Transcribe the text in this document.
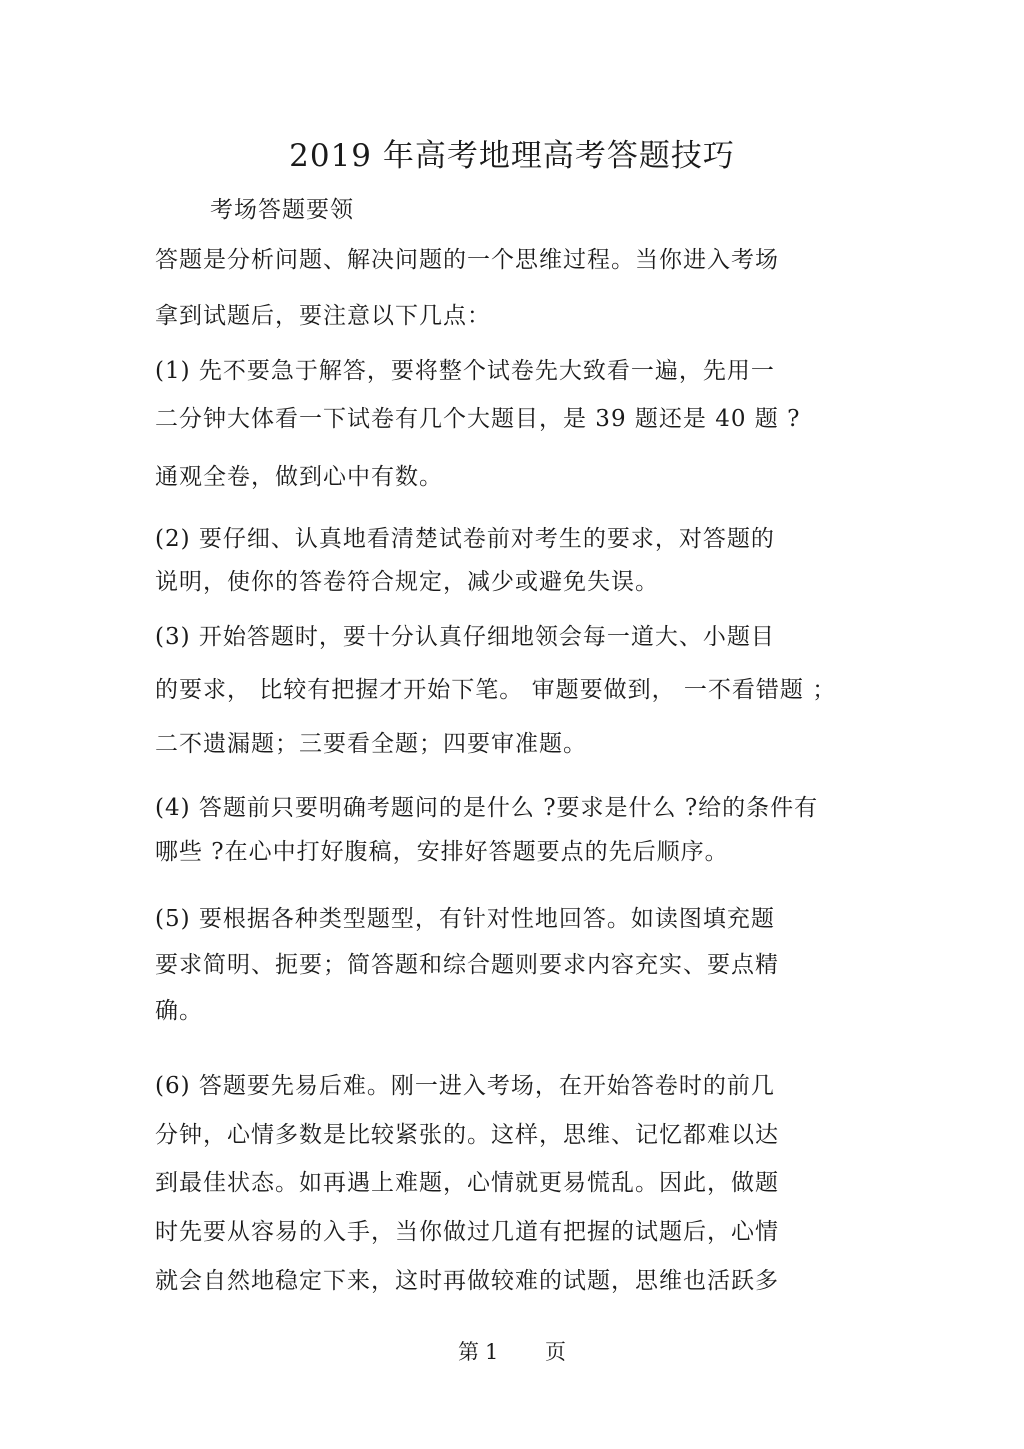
2019 年高考地理高考答题技巧
考场答题要领
答题是分析问题、解决问题的一个思维过程。当你进入考场
拿到试题后，要注意以下几点：
(1) 先不要急于解答，要将整个试卷先大致看一遍，先用一
二分钟大体看一下试卷有几个大题目，是 39 题还是 40 题 ?
通观全卷，做到心中有数。
(2) 要仔细、认真地看清楚试卷前对考生的要求，对答题的
说明，使你的答卷符合规定，减少或避免失误。
(3) 开始答题时，要十分认真仔细地领会每一道大、小题目
的要求， 比较有把握才开始下笔。 审题要做到， 一不看错题 ；
二不遗漏题；三要看全题；四要审准题。
(4) 答题前只要明确考题问的是什么 ?要求是什么 ?给的条件有
哪些 ?在心中打好腹稿，安排好答题要点的先后顺序。
(5) 要根据各种类型题型，有针对性地回答。如读图填充题
要求简明、扼要；简答题和综合题则要求内容充实、要点精
确。
(6) 答题要先易后难。刚一进入考场，在开始答卷时的前几
分钟，心情多数是比较紧张的。这样，思维、记忆都难以达
到最佳状态。如再遇上难题，心情就更易慌乱。因此，做题
时先要从容易的入手，当你做过几道有把握的试题后，心情
就会自然地稳定下来，这时再做较难的试题，思维也活跃多
第 1 页
